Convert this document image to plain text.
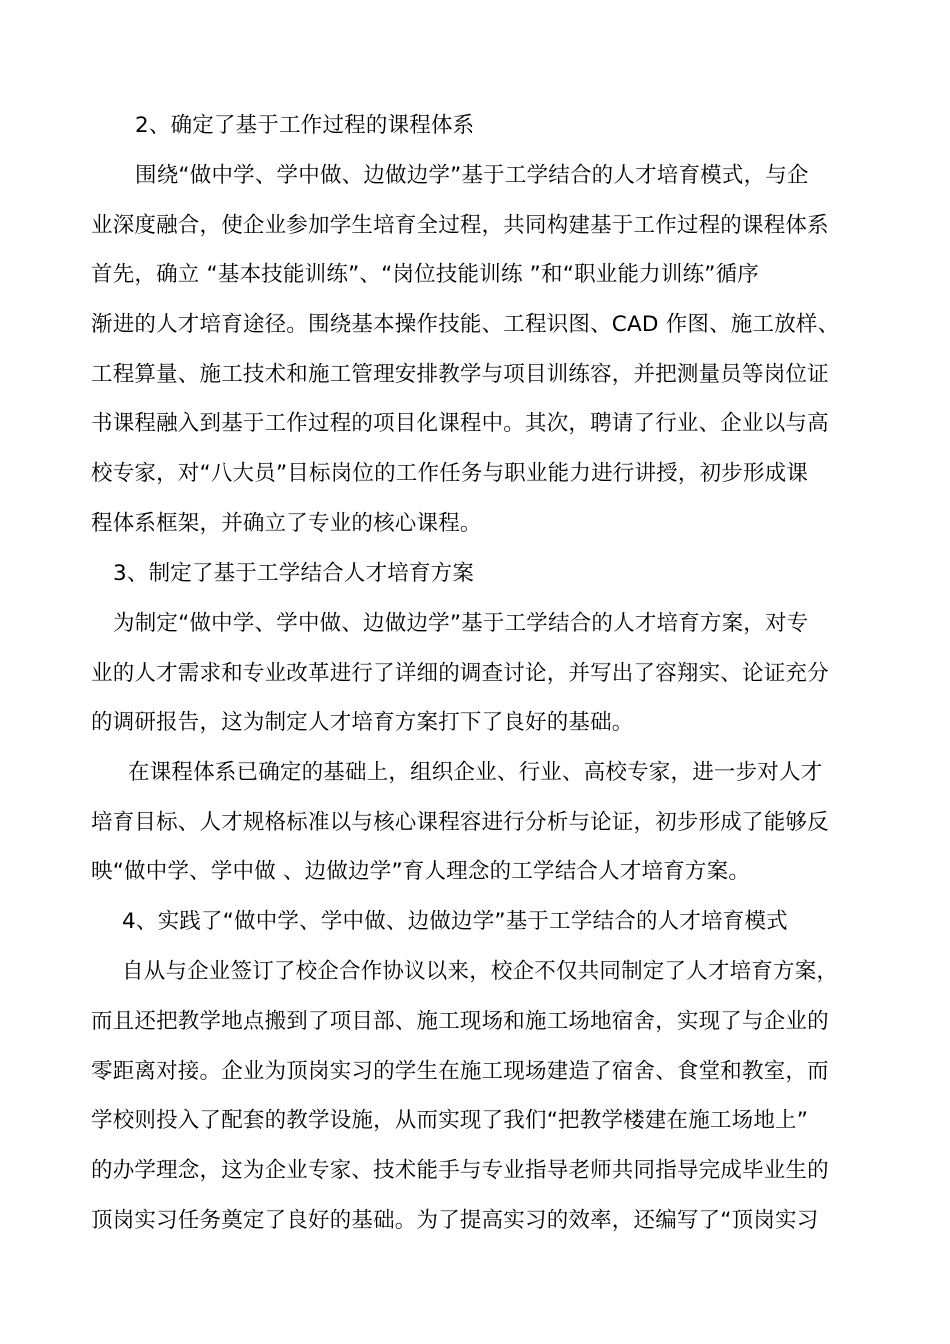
2、确定了基于工作过程的课程体系
围绕“做中学、学中做、边做边学”基于工学结合的人才培育模式，与企
业深度融合，使企业参加学生培育全过程，共同构建基于工作过程的课程体系
首先，确立 “基本技能训练”、“岗位技能训练 ”和“职业能力训练”循序
渐进的人才培育途径。围绕基本操作技能、工程识图、CAD 作图、施工放样、
工程算量、施工技术和施工管理安排教学与项目训练容，并把测量员等岗位证
书课程融入到基于工作过程的项目化课程中。其次，聘请了行业、企业以与高
校专家，对“八大员”目标岗位的工作任务与职业能力进行讲授，初步形成课
程体系框架，并确立了专业的核心课程。
3、制定了基于工学结合人才培育方案
为制定“做中学、学中做、边做边学”基于工学结合的人才培育方案，对专
业的人才需求和专业改革进行了详细的调查讨论，并写出了容翔实、论证充分
的调研报告，这为制定人才培育方案打下了良好的基础。
在课程体系已确定的基础上，组织企业、行业、高校专家，进一步对人才
培育目标、人才规格标准以与核心课程容进行分析与论证，初步形成了能够反
映“做中学、学中做 、边做边学”育人理念的工学结合人才培育方案。
4、实践了“做中学、学中做、边做边学”基于工学结合的人才培育模式
自从与企业签订了校企合作协议以来，校企不仅共同制定了人才培育方案，
而且还把教学地点搬到了项目部、施工现场和施工场地宿舍，实现了与企业的
零距离对接。企业为顶岗实习的学生在施工现场建造了宿舍、食堂和教室，而
学校则投入了配套的教学设施，从而实现了我们“把教学楼建在施工场地上”
的办学理念，这为企业专家、技术能手与专业指导老师共同指导完成毕业生的
顶岗实习任务奠定了良好的基础。为了提高实习的效率，还编写了“顶岗实习
